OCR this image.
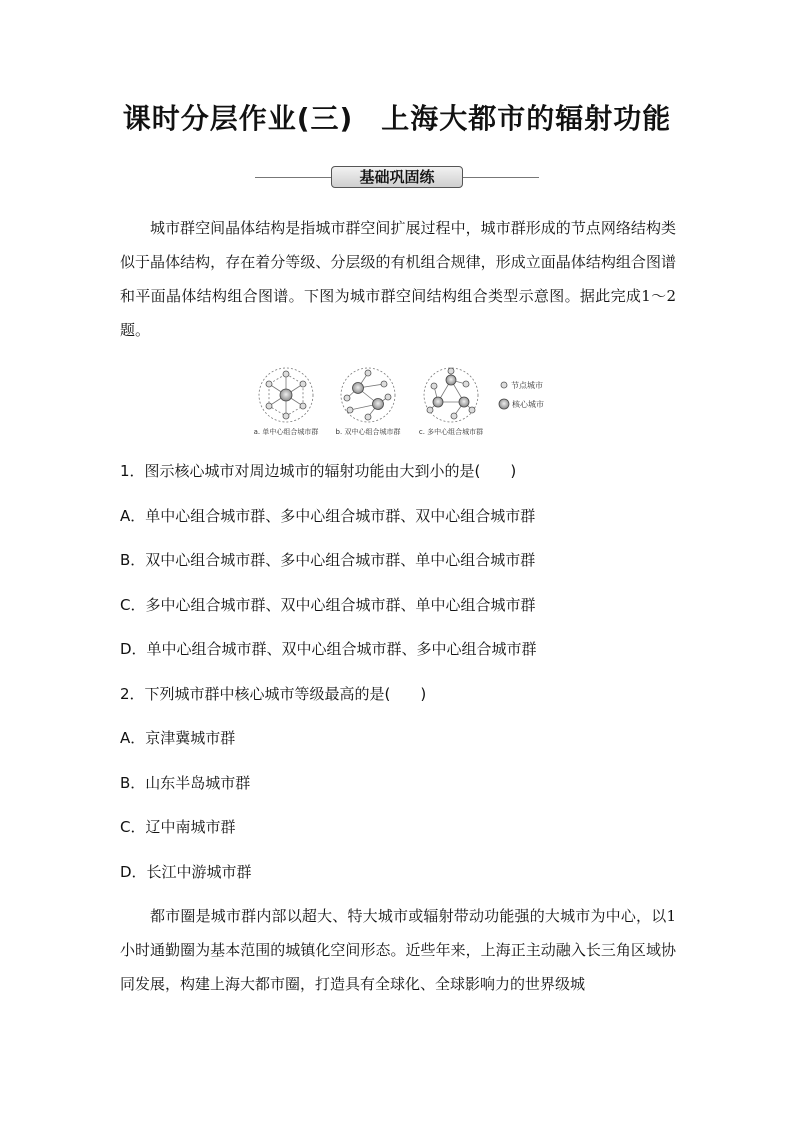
课时分层作业(三) 上海大都市的辐射功能
基础巩固练

城市群空间晶体结构是指城市群空间扩展过程中，城市群形成的节点网络结构类似于晶体结构，存在着分等级、分层级的有机组合规律，形成立面晶体结构组合图谱和平面晶体结构组合图谱。下图为城市群空间结构组合类型示意图。据此完成1～2题。

节点城市
核心城市
a. 单中心组合城市群 b. 双中心组合城市群	c. 多中心组合城市群

1．图示核心城市对周边城市的辐射功能由大到小的是(　　)

A．单中心组合城市群、多中心组合城市群、双中心组合城市群

B．双中心组合城市群、多中心组合城市群、单中心组合城市群

C．多中心组合城市群、双中心组合城市群、单中心组合城市群

D．单中心组合城市群、双中心组合城市群、多中心组合城市群

2．下列城市群中核心城市等级最高的是(　　)

A．京津冀城市群

B．山东半岛城市群

C．辽中南城市群

D．长江中游城市群

都市圈是城市群内部以超大、特大城市或辐射带动功能强的大城市为中心，以1小时通勤圈为基本范围的城镇化空间形态。近些年来，上海正主动融入长三角区域协同发展，构建上海大都市圈，打造具有全球化、全球影响力的世界级城
